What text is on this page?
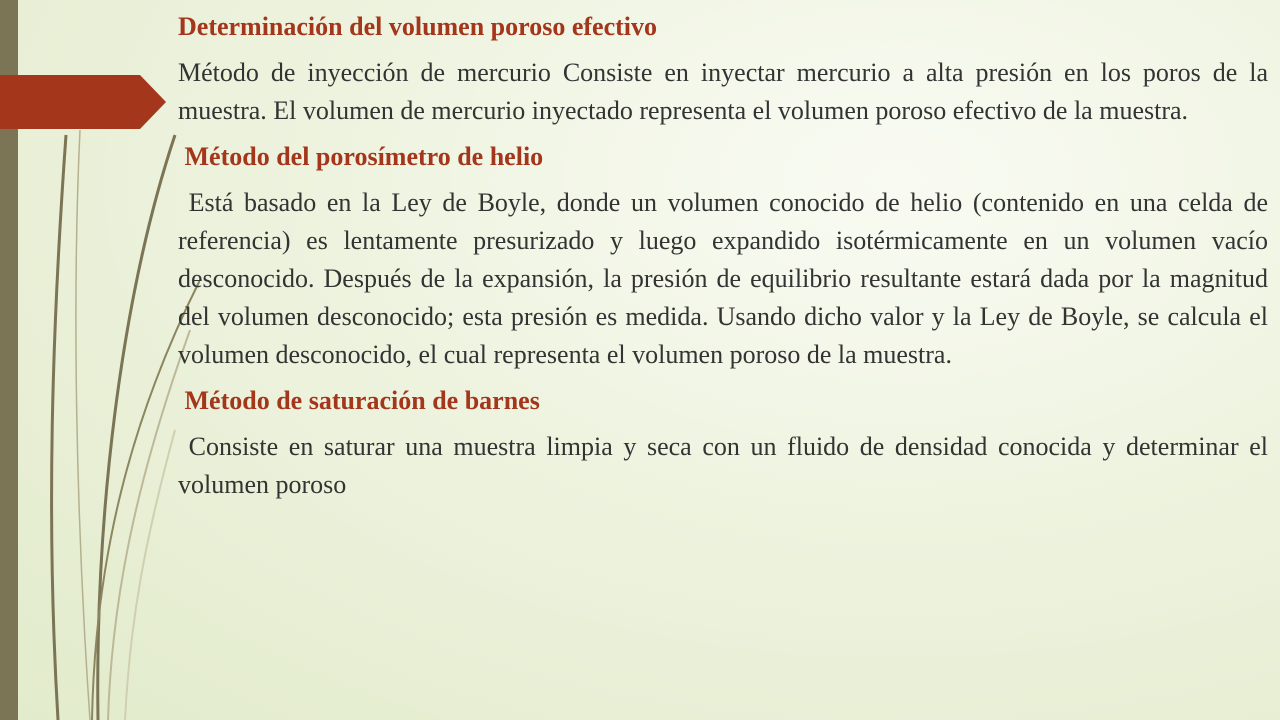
Determinación del volumen poroso efectivo
Método de inyección de mercurio Consiste en inyectar mercurio a alta presión en los poros de la muestra. El volumen de mercurio inyectado representa el volumen poroso efectivo de la muestra.
Método del porosímetro de helio
Está basado en la Ley de Boyle, donde un volumen conocido de helio (contenido en una celda de referencia) es lentamente presurizado y luego expandido isotérmicamente en un volumen vacío desconocido. Después de la expansión, la presión de equilibrio resultante estará dada por la magnitud del volumen desconocido; esta presión es medida. Usando dicho valor y la Ley de Boyle, se calcula el volumen desconocido, el cual representa el volumen poroso de la muestra.
Método de saturación de barnes
Consiste en saturar una muestra limpia y seca con un fluido de densidad conocida y determinar el volumen poroso
